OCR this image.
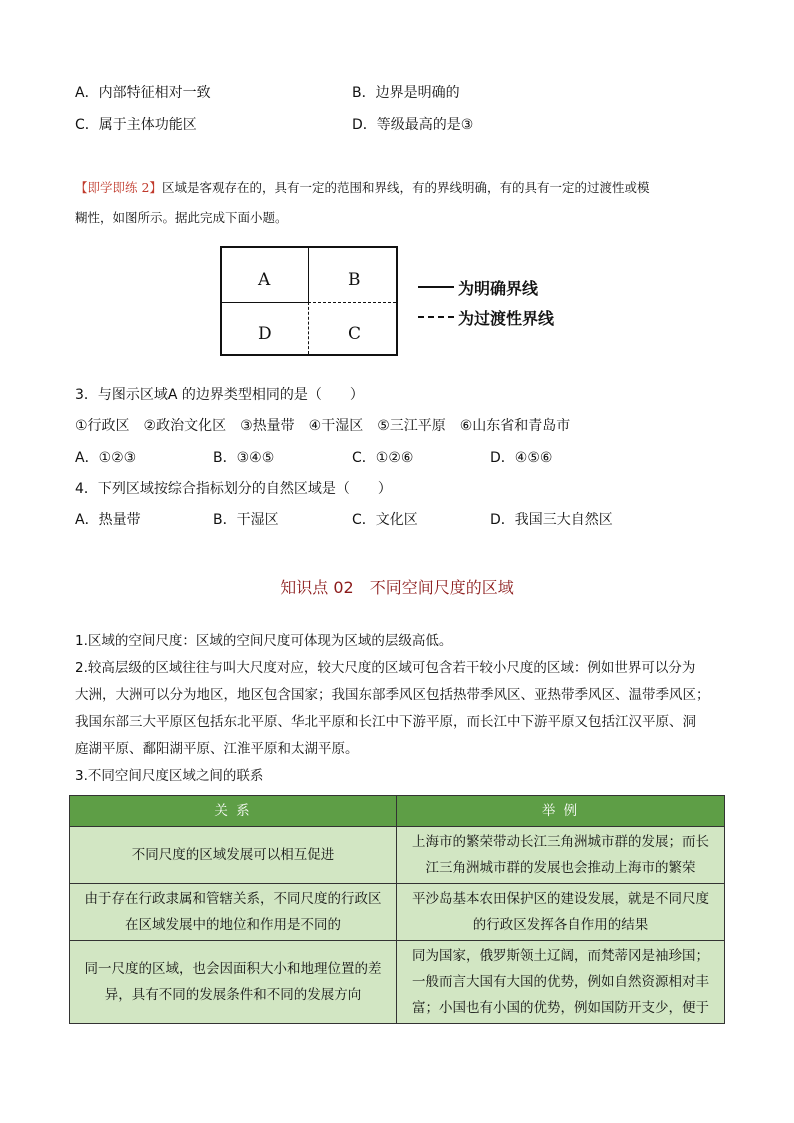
A．内部特征相对一致	B．边界是明确的
C．属于主体功能区	D．等级最高的是③
【即学即练 2】区域是客观存在的，具有一定的范围和界线，有的界线明确，有的具有一定的过渡性或模
糊性，如图所示。据此完成下面小题。
A	B
D	C
为明确界线
为过渡性界线
3．与图示区域A 的边界类型相同的是（　　）
①行政区　②政治文化区　③热量带　④干湿区　⑤三江平原　⑥山东省和青岛市
A．①②③	B．③④⑤	C．①②⑥	D．④⑤⑥
4．下列区域按综合指标划分的自然区域是（　　）
A．热量带	B．干湿区	C．文化区	D．我国三大自然区
知识点 02　不同空间尺度的区域
1.区域的空间尺度：区域的空间尺度可体现为区域的层级高低。
2.较高层级的区域往往与叫大尺度对应，较大尺度的区域可包含若干较小尺度的区域：例如世界可以分为
大洲，大洲可以分为地区，地区包含国家；我国东部季风区包括热带季风区、亚热带季风区、温带季风区；
我国东部三大平原区包括东北平原、华北平原和长江中下游平原，而长江中下游平原又包括江汉平原、洞
庭湖平原、鄱阳湖平原、江淮平原和太湖平原。
3.不同空间尺度区域之间的联系
关 系	举 例
不同尺度的区域发展可以相互促进	上海市的繁荣带动长江三角洲城市群的发展；而长
江三角洲城市群的发展也会推动上海市的繁荣
由于存在行政隶属和管辖关系，不同尺度的行政区
在区域发展中的地位和作用是不同的	平沙岛基本农田保护区的建设发展，就是不同尺度
的行政区发挥各自作用的结果
同一尺度的区域，也会因面积大小和地理位置的差
异，具有不同的发展条件和不同的发展方向	同为国家，俄罗斯领土辽阔，而梵蒂冈是袖珍国；
一般而言大国有大国的优势，例如自然资源相对丰
富；小国也有小国的优势，例如国防开支少，便于
